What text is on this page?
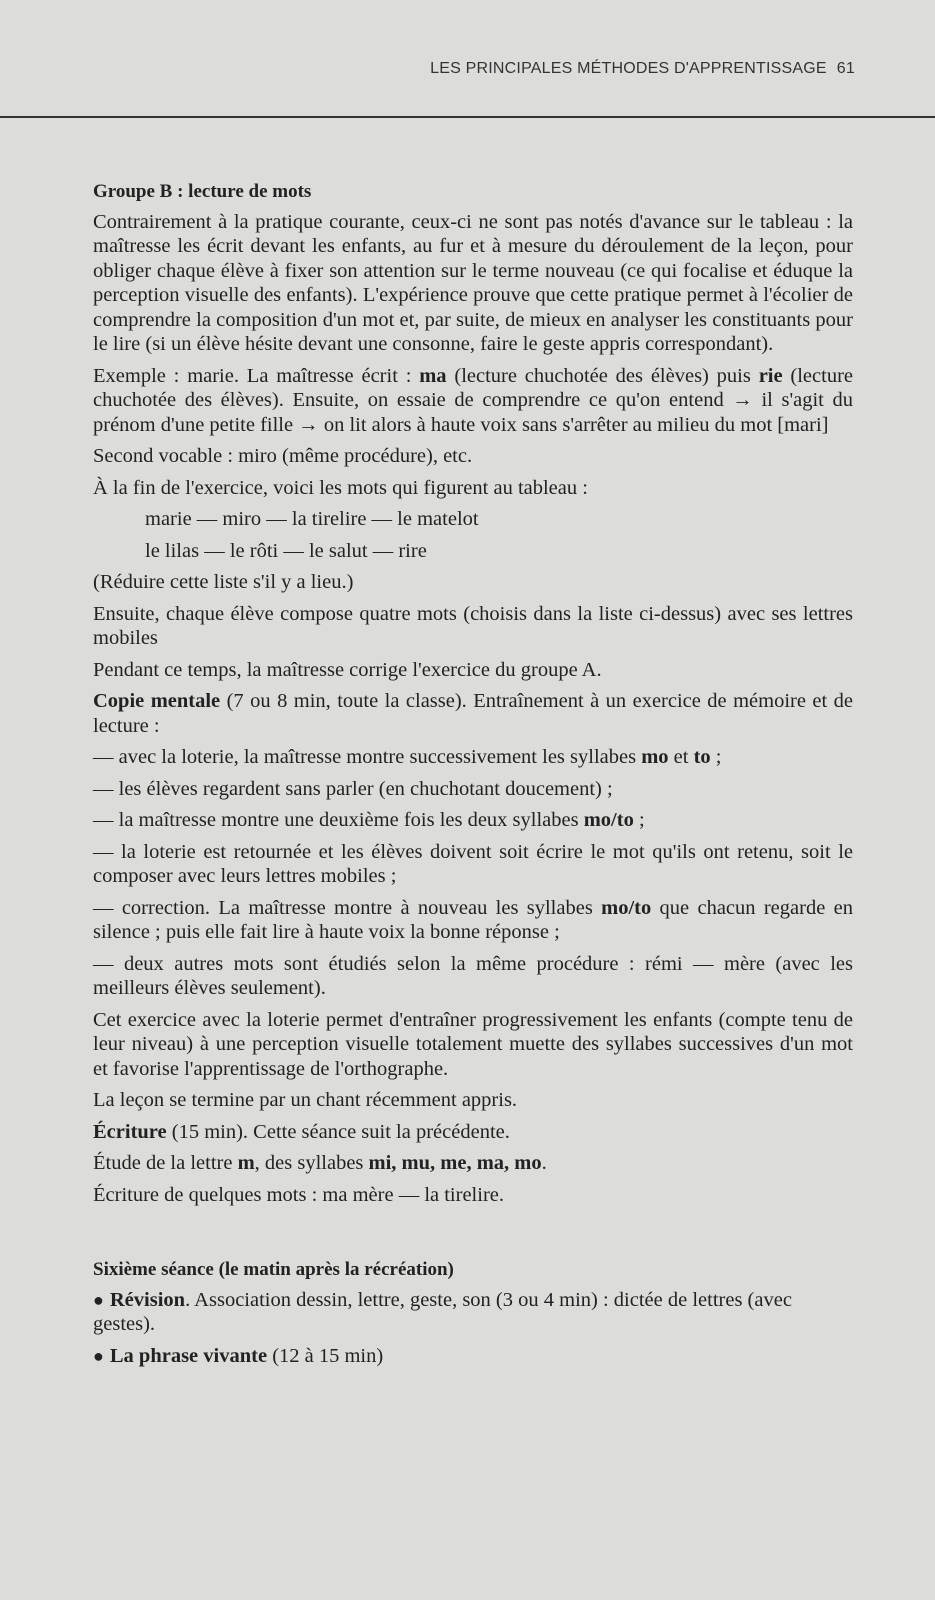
LES PRINCIPALES MÉTHODES D'APPRENTISSAGE 61
Groupe B : lecture de mots

Contrairement à la pratique courante, ceux-ci ne sont pas notés d'avance sur le tableau : la maîtresse les écrit devant les enfants, au fur et à mesure du déroulement de la leçon, pour obliger chaque élève à fixer son attention sur le terme nouveau (ce qui focalise et éduque la perception visuelle des enfants). L'expérience prouve que cette pratique permet à l'écolier de comprendre la composition d'un mot et, par suite, de mieux en analyser les constituants pour le lire (si un élève hésite devant une consonne, faire le geste appris correspondant).

Exemple : marie. La maîtresse écrit : ma (lecture chuchotée des élèves) puis rie (lecture chuchotée des élèves). Ensuite, on essaie de comprendre ce qu'on entend → il s'agit du prénom d'une petite fille → on lit alors à haute voix sans s'arrêter au milieu du mot [mari]

Second vocable : miro (même procédure), etc.

À la fin de l'exercice, voici les mots qui figurent au tableau :

marie — miro — la tirelire — le matelot

le lilas — le rôti — le salut — rire

(Réduire cette liste s'il y a lieu.)

Ensuite, chaque élève compose quatre mots (choisis dans la liste ci-dessus) avec ses lettres mobiles

Pendant ce temps, la maîtresse corrige l'exercice du groupe A.

Copie mentale (7 ou 8 min, toute la classe). Entraînement à un exercice de mémoire et de lecture :

— avec la loterie, la maîtresse montre successivement les syllabes mo et to ;

— les élèves regardent sans parler (en chuchotant doucement) ;

— la maîtresse montre une deuxième fois les deux syllabes mo/to ;

— la loterie est retournée et les élèves doivent soit écrire le mot qu'ils ont retenu, soit le composer avec leurs lettres mobiles ;

— correction. La maîtresse montre à nouveau les syllabes mo/to que chacun regarde en silence ; puis elle fait lire à haute voix la bonne réponse ;

— deux autres mots sont étudiés selon la même procédure : rémi — mère (avec les meilleurs élèves seulement).

Cet exercice avec la loterie permet d'entraîner progressivement les enfants (compte tenu de leur niveau) à une perception visuelle totalement muette des syllabes successives d'un mot et favorise l'apprentissage de l'orthographe.

La leçon se termine par un chant récemment appris.

Écriture (15 min). Cette séance suit la précédente.

Étude de la lettre m, des syllabes mi, mu, me, ma, mo.

Écriture de quelques mots : ma mère — la tirelire.

Sixième séance (le matin après la récréation)

● Révision. Association dessin, lettre, geste, son (3 ou 4 min) : dictée de lettres (avec gestes).

● La phrase vivante (12 à 15 min)
